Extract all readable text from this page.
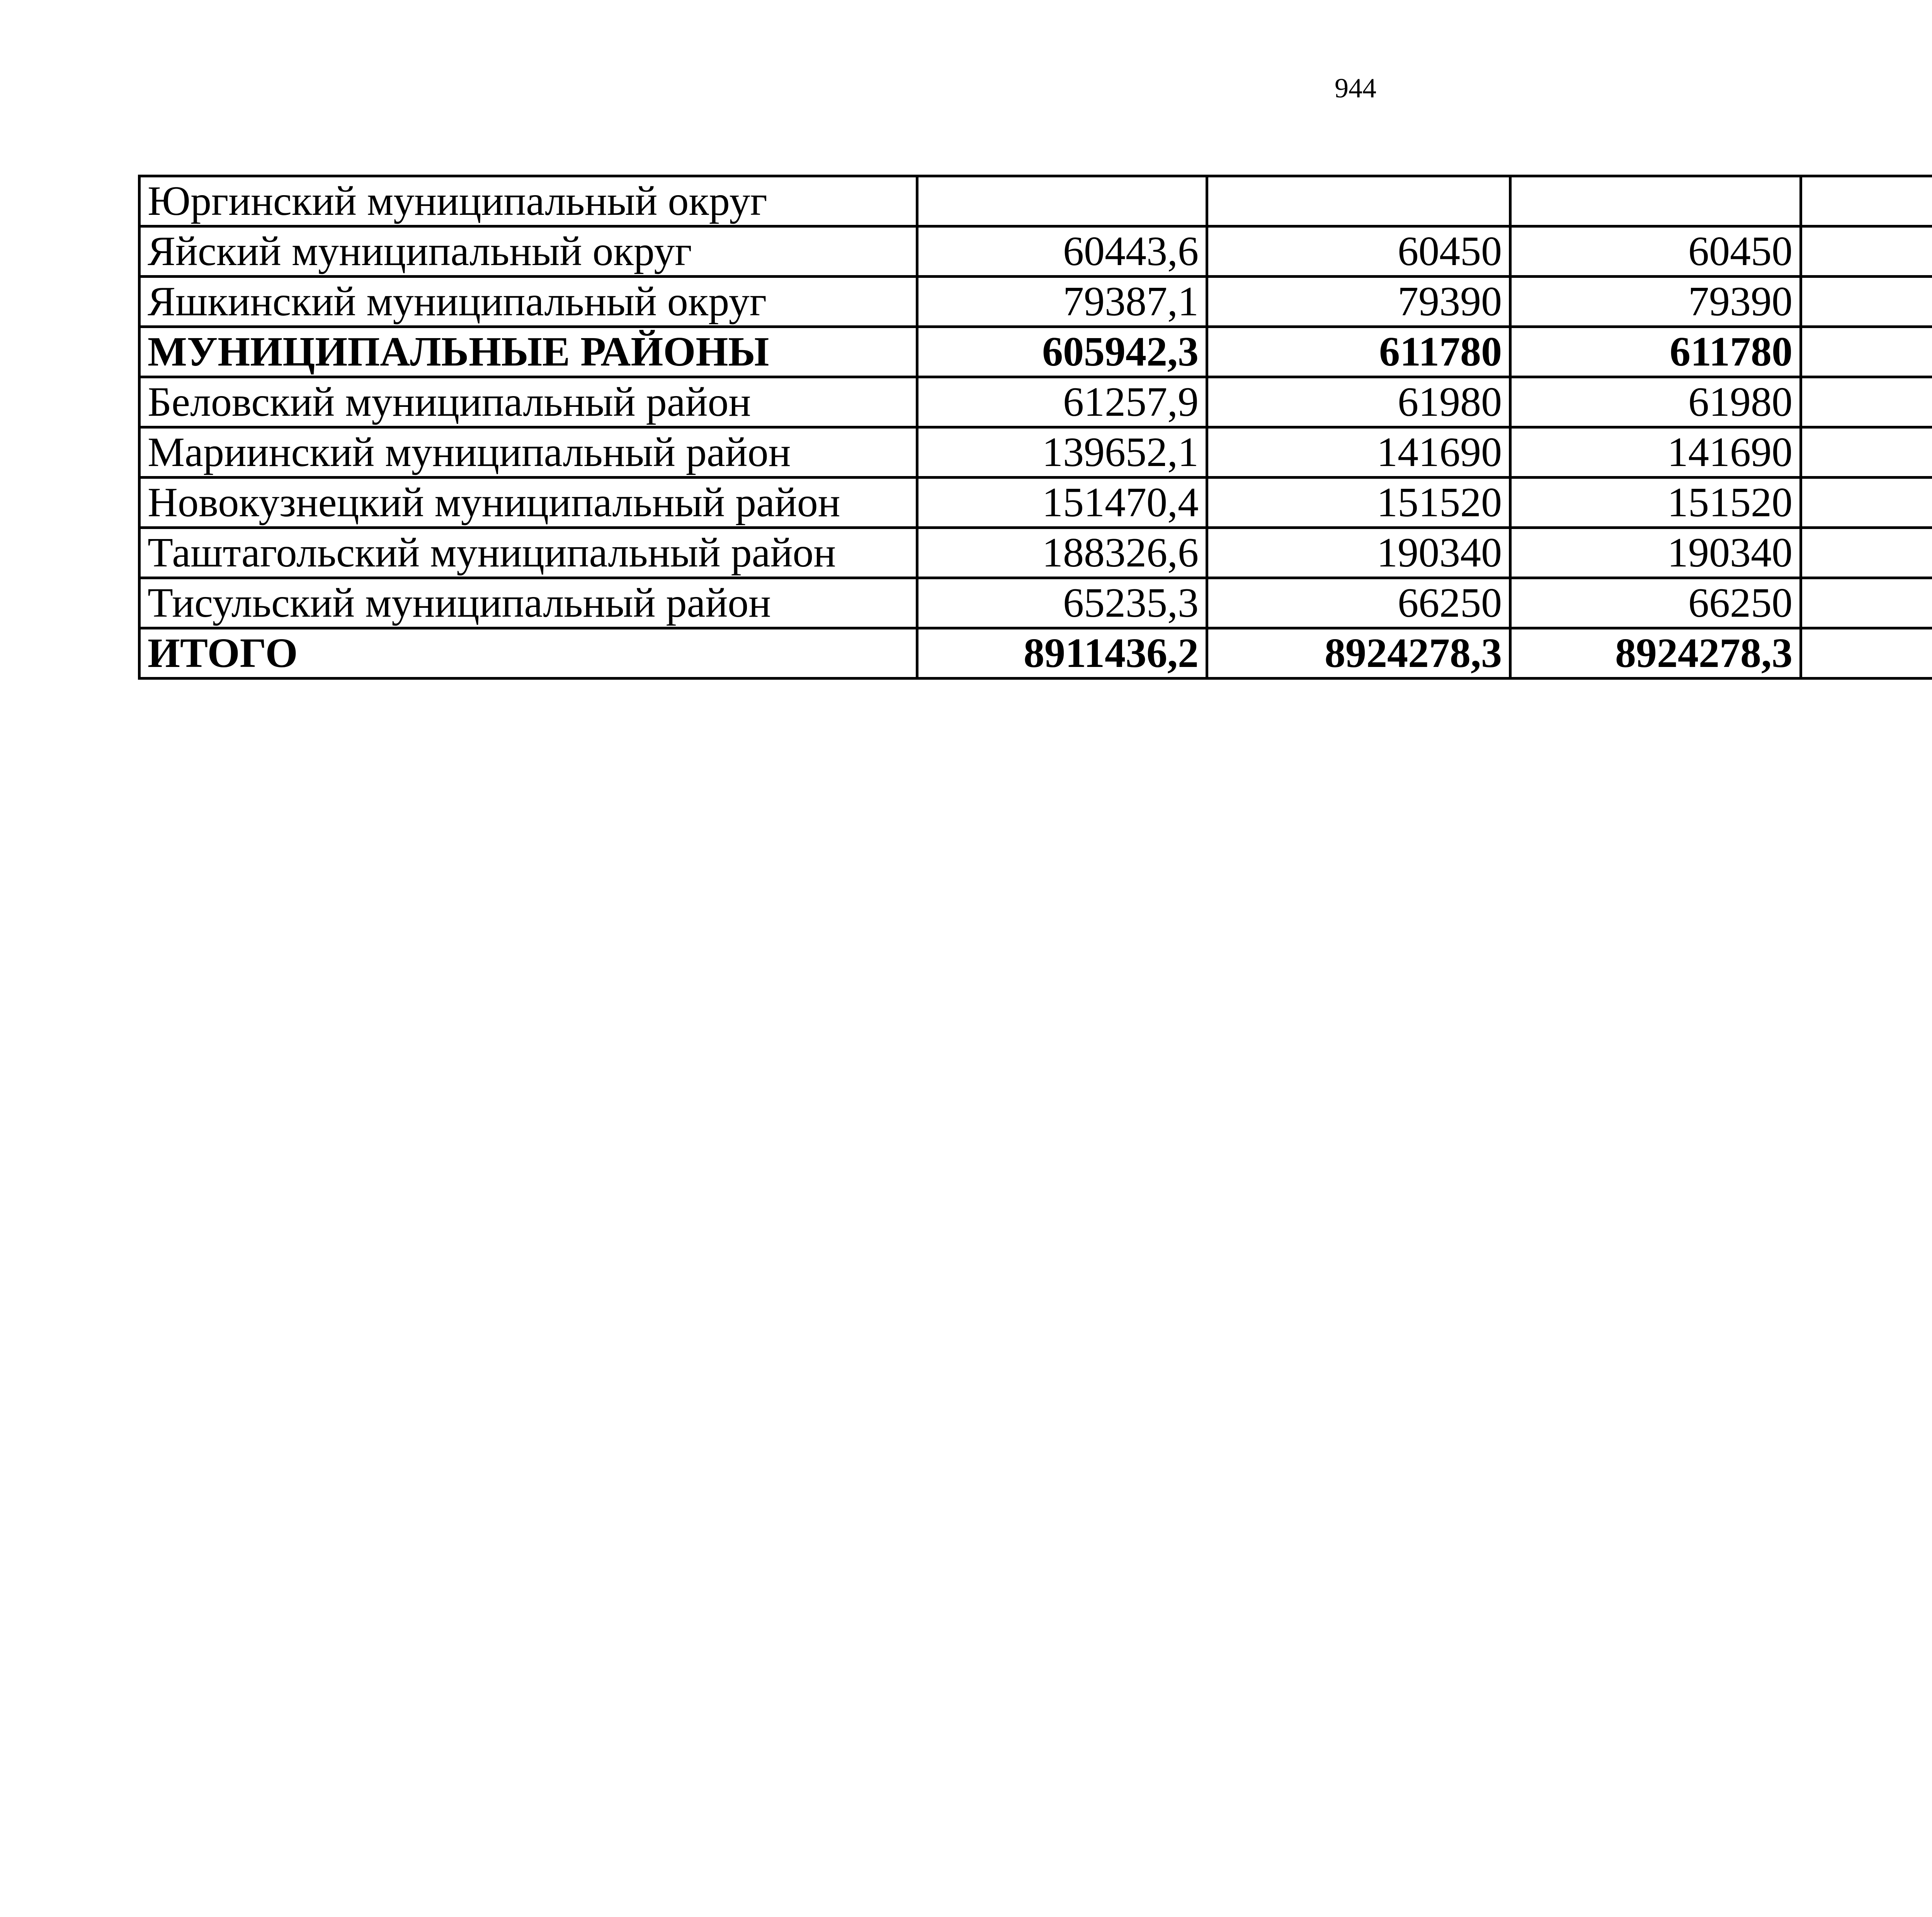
944
Юргинский муниципальный округ						
Яйский муниципальный округ	60443,6	60450	60450			
Яшкинский муниципальный округ	79387,1	79390	79390			
МУНИЦИПАЛЬНЫЕ РАЙОНЫ	605942,3	611780	611780			
Беловский муниципальный район	61257,9	61980	61980			
Мариинский муниципальный район	139652,1	141690	141690			
Новокузнецкий муниципальный район	151470,4	151520	151520			
Таштагольский муниципальный район	188326,6	190340	190340			
Тисульский муниципальный район	65235,3	66250	66250			
ИТОГО	8911436,2	8924278,3	8924278,3			
